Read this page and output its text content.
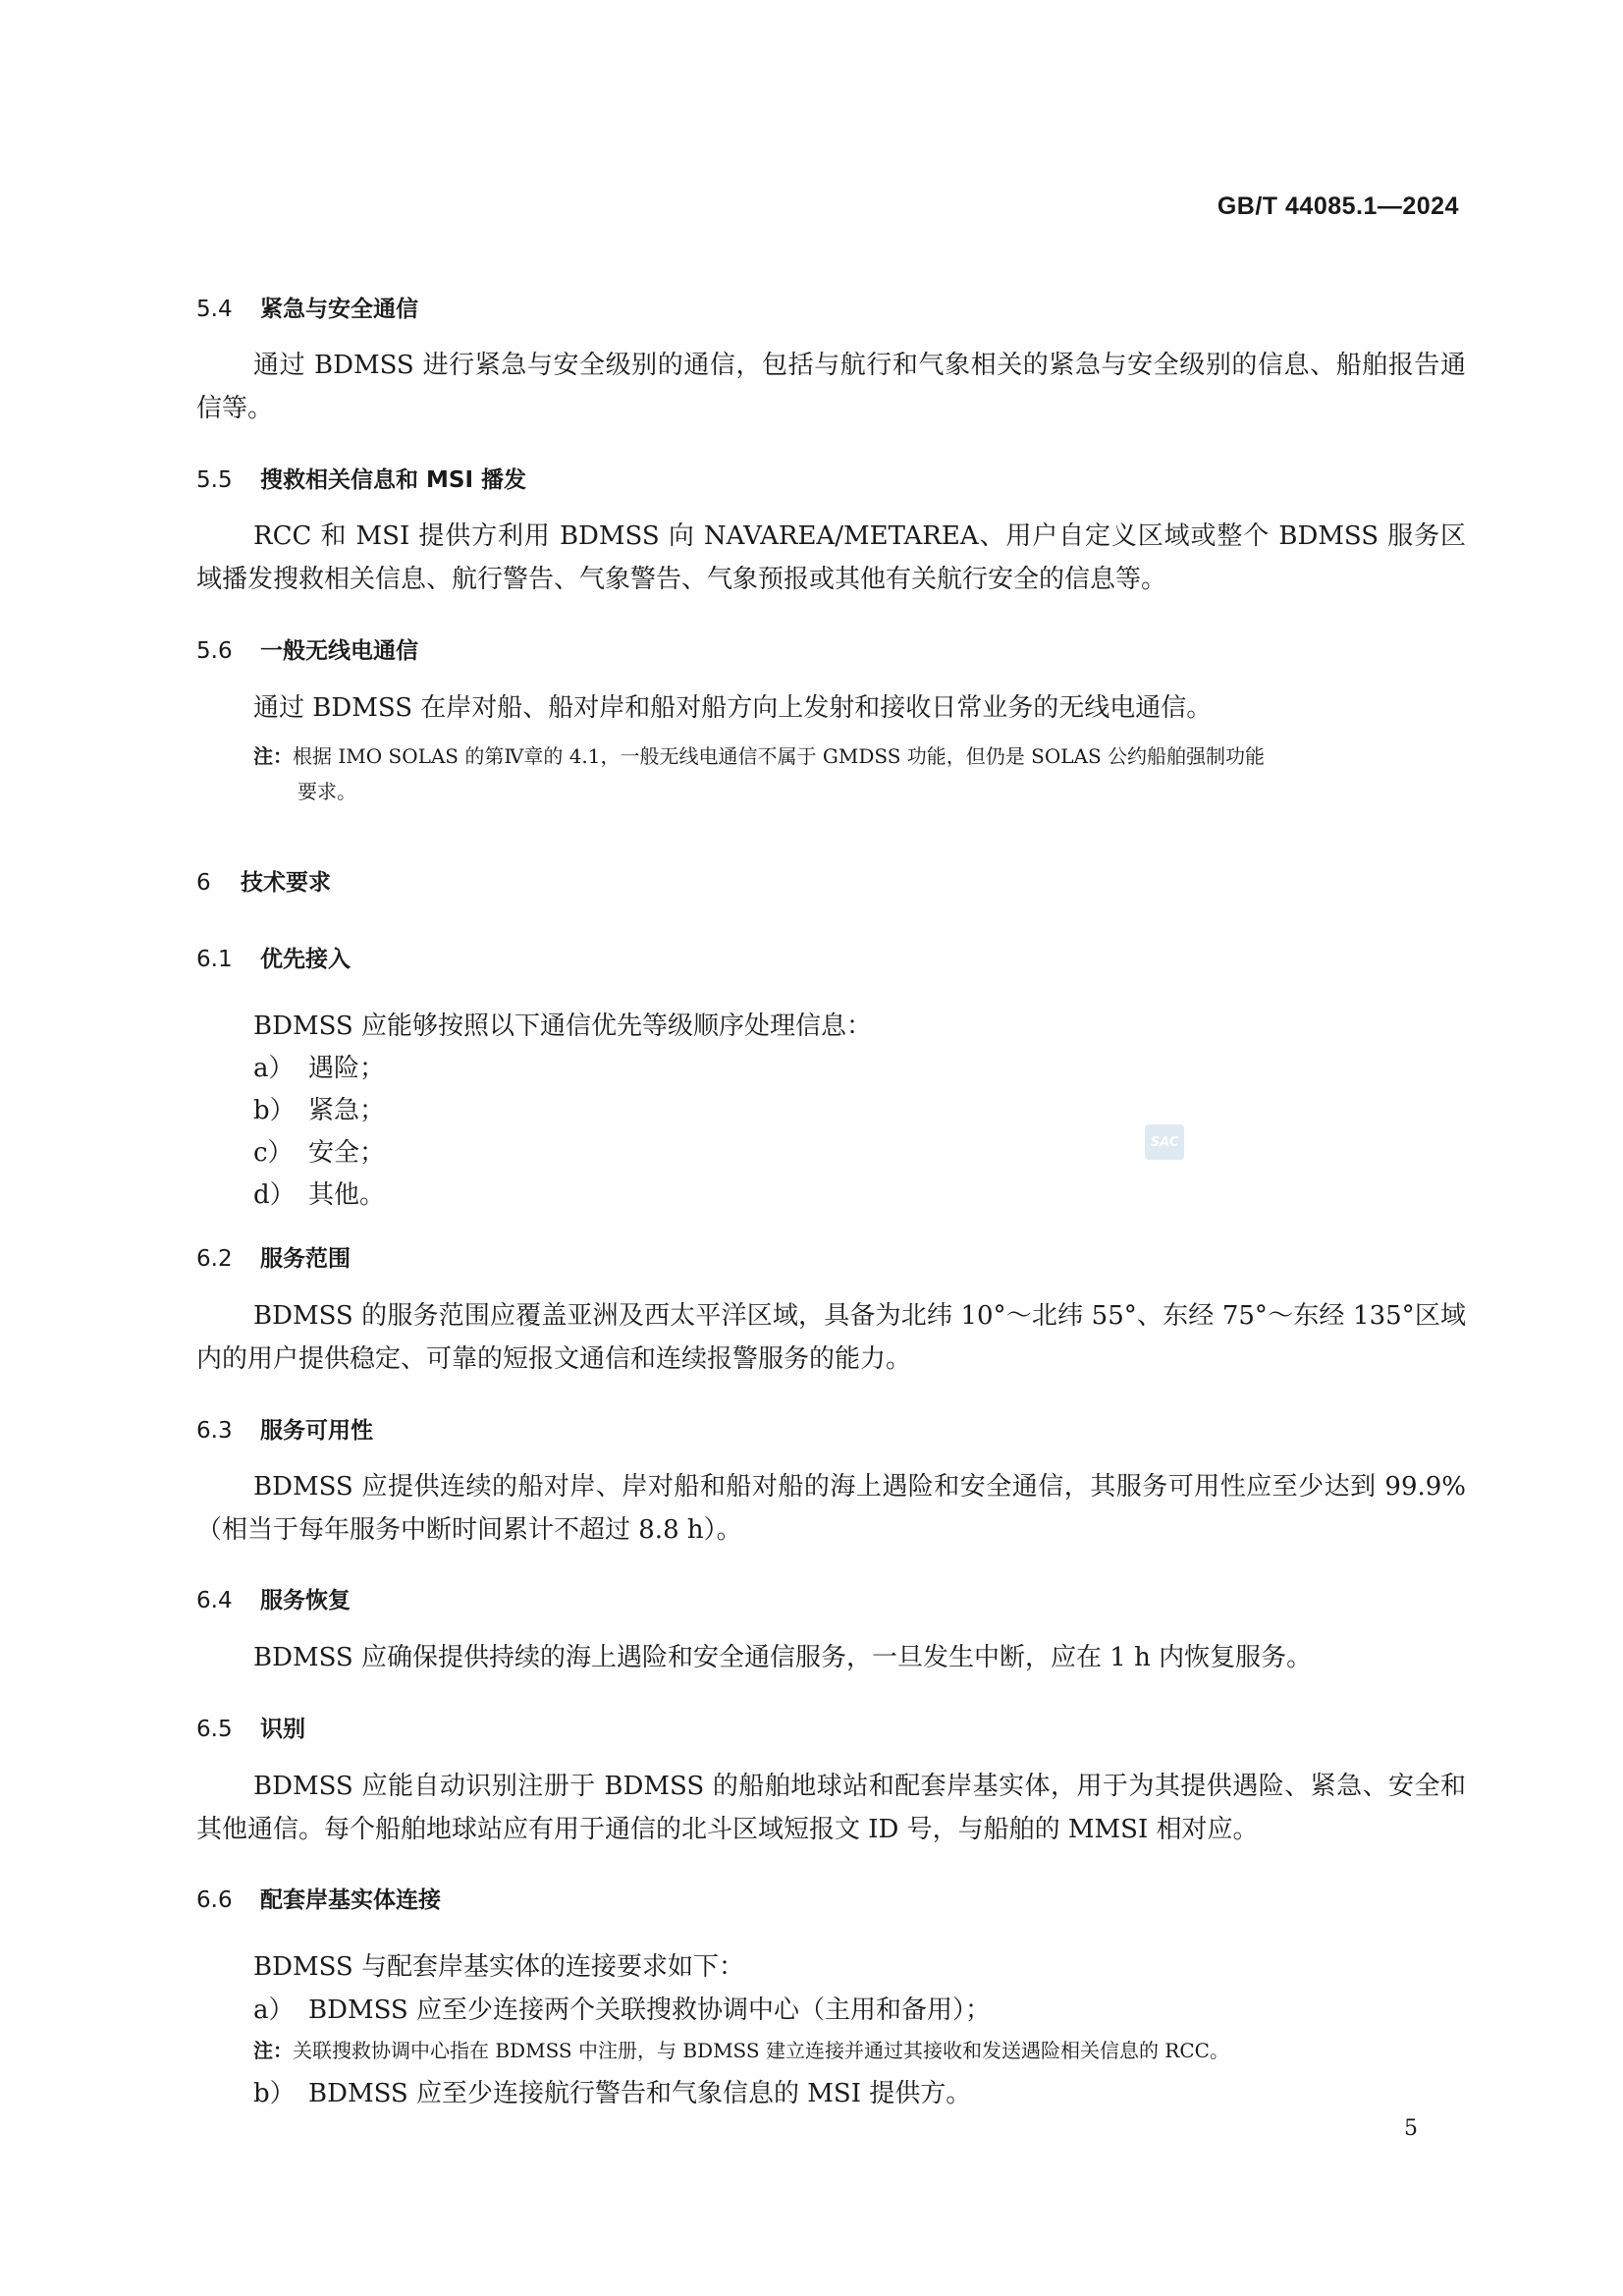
GB/T 44085.1—2024
5.4 紧急与安全通信
通过 BDMSS 进行紧急与安全级别的通信，包括与航行和气象相关的紧急与安全级别的信息、船舶报告通信等。
5.5 搜救相关信息和 MSI 播发
RCC 和 MSI 提供方利用 BDMSS 向 NAVAREA/METAREA、用户自定义区域或整个 BDMSS 服务区域播发搜救相关信息、航行警告、气象警告、气象预报或其他有关航行安全的信息等。
5.6 一般无线电通信
通过 BDMSS 在岸对船、船对岸和船对船方向上发射和接收日常业务的无线电通信。
注：根据 IMO SOLAS 的第Ⅳ章的 4.1，一般无线电通信不属于 GMDSS 功能，但仍是 SOLAS 公约船舶强制功能
要求。
6 技术要求
6.1 优先接入
BDMSS 应能够按照以下通信优先等级顺序处理信息：
a） 遇险；
b） 紧急；
c） 安全；
d） 其他。
SAC
6.2 服务范围
BDMSS 的服务范围应覆盖亚洲及西太平洋区域，具备为北纬 10°～北纬 55°、东经 75°～东经 135°区域内的用户提供稳定、可靠的短报文通信和连续报警服务的能力。
6.3 服务可用性
BDMSS 应提供连续的船对岸、岸对船和船对船的海上遇险和安全通信，其服务可用性应至少达到 99.9%（相当于每年服务中断时间累计不超过 8.8 h）。
6.4 服务恢复
BDMSS 应确保提供持续的海上遇险和安全通信服务，一旦发生中断，应在 1 h 内恢复服务。
6.5 识别
BDMSS 应能自动识别注册于 BDMSS 的船舶地球站和配套岸基实体，用于为其提供遇险、紧急、安全和其他通信。每个船舶地球站应有用于通信的北斗区域短报文 ID 号，与船舶的 MMSI 相对应。
6.6 配套岸基实体连接
BDMSS 与配套岸基实体的连接要求如下：
a） BDMSS 应至少连接两个关联搜救协调中心（主用和备用）；
注：关联搜救协调中心指在 BDMSS 中注册，与 BDMSS 建立连接并通过其接收和发送遇险相关信息的 RCC。
b） BDMSS 应至少连接航行警告和气象信息的 MSI 提供方。
5
